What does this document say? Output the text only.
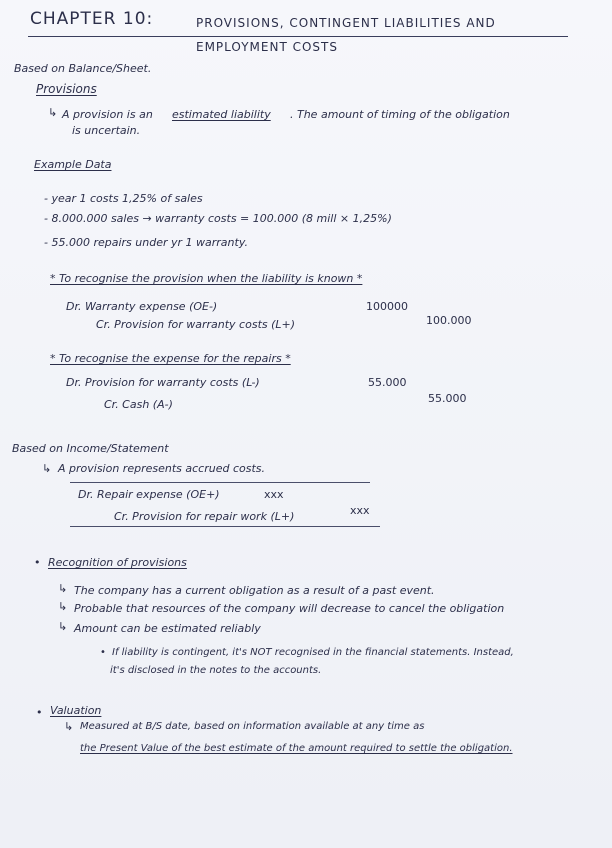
CHAPTER 10:	PROVISIONS, CONTINGENT LIABILITIES AND
EMPLOYMENT COSTS
Based on Balance/Sheet.
Provisions
↳ A provision is an estimated liability . The amount of timing of the obligation
is uncertain.
Example Data
- year 1 costs 1,25% of sales
- 8.000.000 sales → warranty costs = 100.000 (8 mill × 1,25%)
- 55.000 repairs under yr 1 warranty.
* To recognise the provision when the liability is known *
Dr. Warranty expense (OE-)	100000
Cr. Provision for warranty costs (L+)	100.000
* To recognise the expense for the repairs *
Dr. Provision for warranty costs (L-)	55.000
Cr. Cash (A-)	55.000
Based on Income/Statement
↳ A provision represents accrued costs.
Dr. Repair expense (OE+)	xxx
Cr. Provision for repair work (L+)	xxx
• Recognition of provisions
↳ The company has a current obligation as a result of a past event.
↳ Probable that resources of the company will decrease to cancel the obligation
↳ Amount can be estimated reliably
• If liability is contingent, it's NOT recognised in the financial statements. Instead,
it's disclosed in the notes to the accounts.
• Valuation
↳ Measured at B/S date, based on information available at any time as
the Present Value of the best estimate of the amount required to settle the obligation.
